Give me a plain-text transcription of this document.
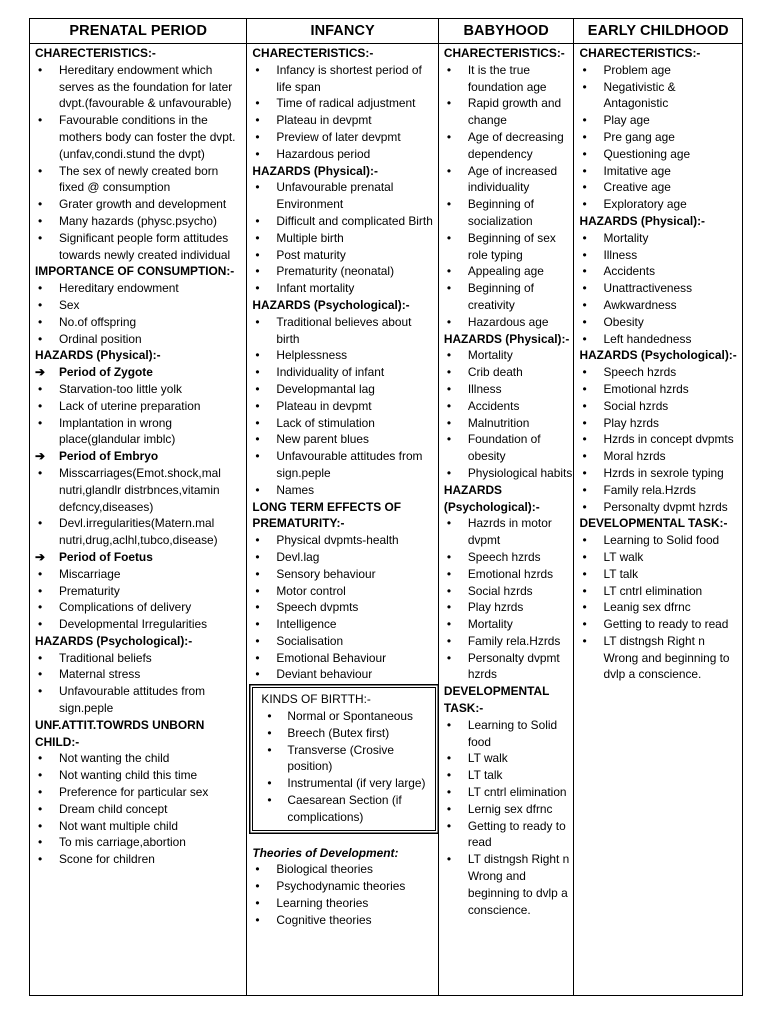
PRENATAL PERIOD
CHARECTERISTICS:-
• Hereditary endowment which serves as the foundation for later dvpt.(favourable & unfavourable)
• Favourable conditions in the mothers body can foster the dvpt.
(unfav,condi.stund the dvpt)
• The sex of newly created born fixed @ consumption
• Grater growth and development
• Many hazards (physc.psycho)
• Significant people form attitudes towards newly created individual
IMPORTANCE OF CONSUMPTION:-
• Hereditary endowment
• Sex
• No.of offspring
• Ordinal position
HAZARDS (Physical):-
➔ Period of Zygote
• Starvation-too little yolk
• Lack of uterine preparation
• Implantation in wrong place(glandular imblc)
➔ Period of Embryo
• Misscarriages(Emot.shock,mal nutri,glandlr distrbnces,vitamin defcncy,diseases)
• Devl.irregularities(Matern.mal nutri,drug,aclhl,tubco,disease)
➔ Period of Foetus
• Miscarriage
• Prematurity
• Complications of delivery
• Developmental Irregularities
HAZARDS (Psychological):-
• Traditional beliefs
• Maternal stress
• Unfavourable attitudes from sign.peple
UNF.ATTIT.TOWRDS UNBORN CHILD:-
• Not wanting the child
• Not wanting child this time
• Preference for particular sex
• Dream child concept
• Not want multiple child
• To mis carriage,abortion
• Scone for children
INFANCY
CHARECTERISTICS:-
• Infancy is shortest period of life span
• Time of radical adjustment
• Plateau in devpmt
• Preview of later devpmt
• Hazardous period
HAZARDS (Physical):-
• Unfavourable prenatal Environment
• Difficult and complicated Birth
• Multiple birth
• Post maturity
• Prematurity (neonatal)
• Infant mortality
HAZARDS (Psychological):-
• Traditional believes about birth
• Helplessness
• Individuality of infant
• Developmantal lag
• Plateau in devpmt
• Lack of stimulation
• New parent blues
• Unfavourable attitudes from sign.peple
• Names
LONG TERM EFFECTS OF PREMATURITY:-
• Physical dvpmts-health
• Devl.lag
• Sensory behaviour
• Motor control
• Speech dvpmts
• Intelligence
• Socialisation
• Emotional Behaviour
• Deviant behaviour
KINDS OF BIRTTH:-
• Normal or Spontaneous
• Breech (Butex first)
• Transverse (Crosive position)
• Instrumental (if very large)
• Caesarean Section (if complications)
Theories of Development:
• Biological theories
• Psychodynamic theories
• Learning theories
• Cognitive theories
BABYHOOD
CHARECTERISTICS:-
• It is the true foundation age
• Rapid growth and change
• Age of decreasing dependency
• Age of increased individuality
• Beginning of socialization
• Beginning of sex role typing
• Appealing age
• Beginning of creativity
• Hazardous age
HAZARDS (Physical):-
• Mortality
• Crib death
• Illness
• Accidents
• Malnutrition
• Foundation of obesity
• Physiological habits
HAZARDS (Psychological):-
• Hazrds in motor dvpmt
• Speech hzrds
• Emotional hzrds
• Social hzrds
• Play hzrds
• Mortality
• Family rela.Hzrds
• Personalty dvpmt hzrds
DEVELOPMENTAL TASK:-
• Learning to Solid food
• LT walk
• LT talk
• LT cntrl elimination
• Lernig sex dfrnc
• Getting to ready to read
• LT distngsh Right n Wrong and beginning to dvlp a conscience.
EARLY CHILDHOOD
CHARECTERISTICS:-
• Problem age
• Negativistic & Antagonistic
• Play age
• Pre gang age
• Questioning age
• Imitative age
• Creative age
• Exploratory age
HAZARDS (Physical):-
• Mortality
• Illness
• Accidents
• Unattractiveness
• Awkwardness
• Obesity
• Left handedness
HAZARDS (Psychological):-
• Speech hzrds
• Emotional hzrds
• Social hzrds
• Play hzrds
• Hzrds in concept dvpmts
• Moral hzrds
• Hzrds in sexrole typing
• Family rela.Hzrds
• Personalty dvpmt hzrds
DEVELOPMENTAL TASK:-
• Learning to Solid food
• LT walk
• LT talk
• LT cntrl elimination
• Leanig sex dfrnc
• Getting to ready to read
• LT distngsh Right n Wrong and beginning to dvlp a conscience.
